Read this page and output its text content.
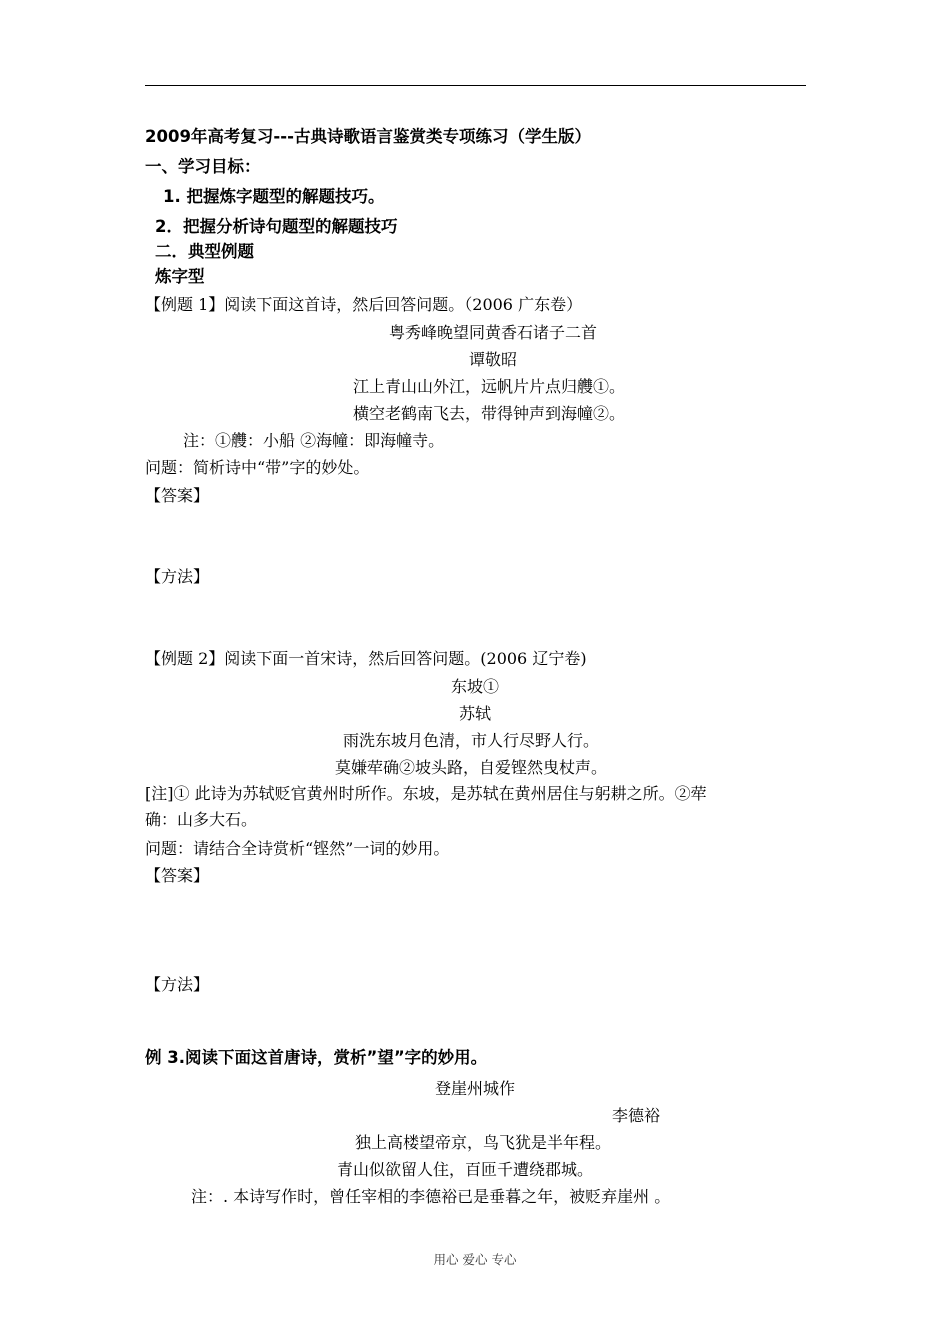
2009年高考复习---古典诗歌语言鉴赏类专项练习（学生版）
一、学习目标：
1. 把握炼字题型的解题技巧。
2．把握分析诗句题型的解题技巧
二．典型例题
炼字型
【例题 1】阅读下面这首诗，然后回答问题。（2006 广东卷）
粤秀峰晚望同黄香石诸子二首
谭敬昭
江上青山山外江，远帆片片点归艭①。
横空老鹤南飞去，带得钟声到海幢②。
注：①艭：小船 ②海幢：即海幢寺。
问题：简析诗中“带”字的妙处。
【答案】
【方法】
【例题 2】阅读下面一首宋诗，然后回答问题。(2006 辽宁卷)
东坡①
苏轼
雨洗东坡月色清，市人行尽野人行。
莫嫌荦确②坡头路，自爱铿然曳杖声。
[注]① 此诗为苏轼贬官黄州时所作。东坡，是苏轼在黄州居住与躬耕之所。②荦
确：山多大石。
问题：请结合全诗赏析“铿然”一词的妙用。
【答案】
【方法】
例 3.阅读下面这首唐诗，赏析”望”字的妙用。
登崖州城作
李德裕
独上高楼望帝京，鸟飞犹是半年程。
青山似欲留人住，百匝千遭绕郡城。
注：. 本诗写作时，曾任宰相的李德裕已是垂暮之年，被贬弃崖州 。
用心 爱心 专心
